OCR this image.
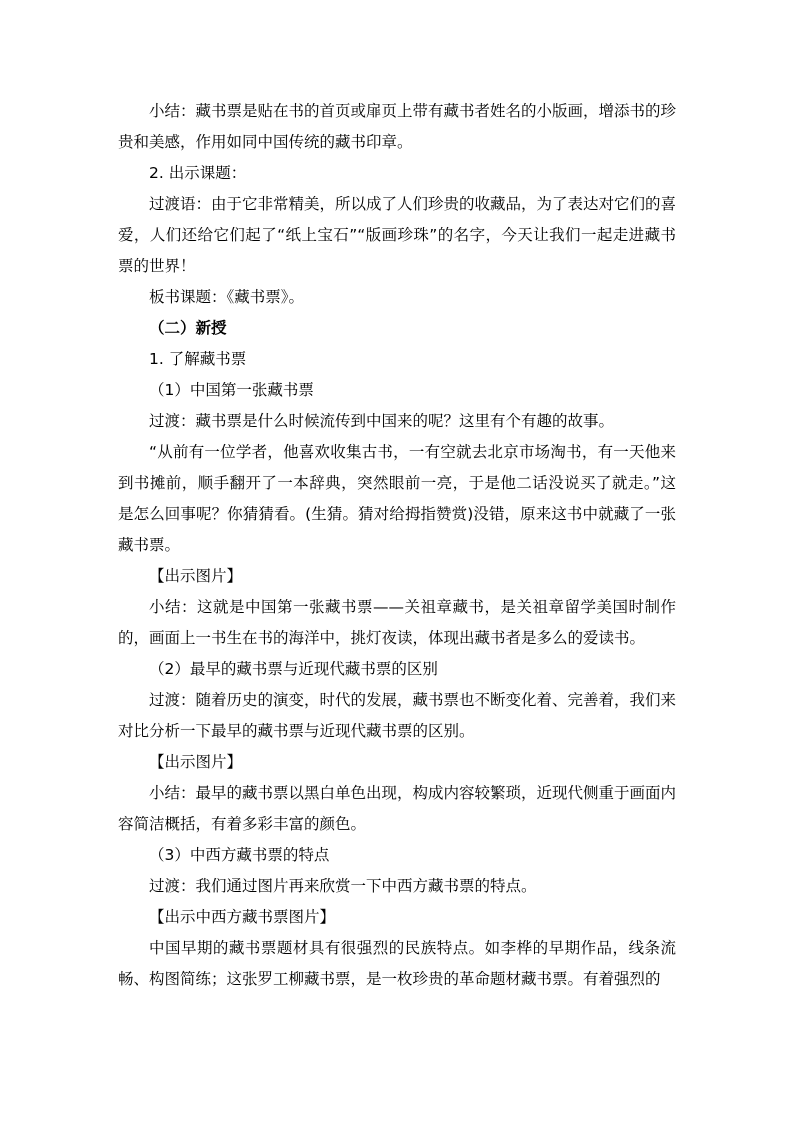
小结：藏书票是贴在书的首页或扉页上带有藏书者姓名的小版画，增添书的珍贵和美感，作用如同中国传统的藏书印章。

2. 出示课题：

过渡语：由于它非常精美，所以成了人们珍贵的收藏品，为了表达对它们的喜爱，人们还给它们起了“纸上宝石”“版画珍珠”的名字，今天让我们一起走进藏书票的世界！

板书课题：《藏书票》。

（二）新授

1. 了解藏书票

（1）中国第一张藏书票

过渡：藏书票是什么时候流传到中国来的呢？这里有个有趣的故事。

“从前有一位学者，他喜欢收集古书，一有空就去北京市场淘书，有一天他来到书摊前，顺手翻开了一本辞典，突然眼前一亮，于是他二话没说买了就走。”这是怎么回事呢？你猜猜看。(生猜。猜对给拇指赞赏)没错，原来这书中就藏了一张藏书票。

【出示图片】

小结：这就是中国第一张藏书票——关祖章藏书，是关祖章留学美国时制作的，画面上一书生在书的海洋中，挑灯夜读，体现出藏书者是多么的爱读书。

（2）最早的藏书票与近现代藏书票的区别

过渡：随着历史的演变，时代的发展，藏书票也不断变化着、完善着，我们来对比分析一下最早的藏书票与近现代藏书票的区别。

【出示图片】

小结：最早的藏书票以黑白单色出现，构成内容较繁琐，近现代侧重于画面内容简洁概括，有着多彩丰富的颜色。

（3）中西方藏书票的特点

过渡：我们通过图片再来欣赏一下中西方藏书票的特点。

【出示中西方藏书票图片】

中国早期的藏书票题材具有很强烈的民族特点。如李桦的早期作品，线条流畅、构图简练；这张罗工柳藏书票，是一枚珍贵的革命题材藏书票。有着强烈的
